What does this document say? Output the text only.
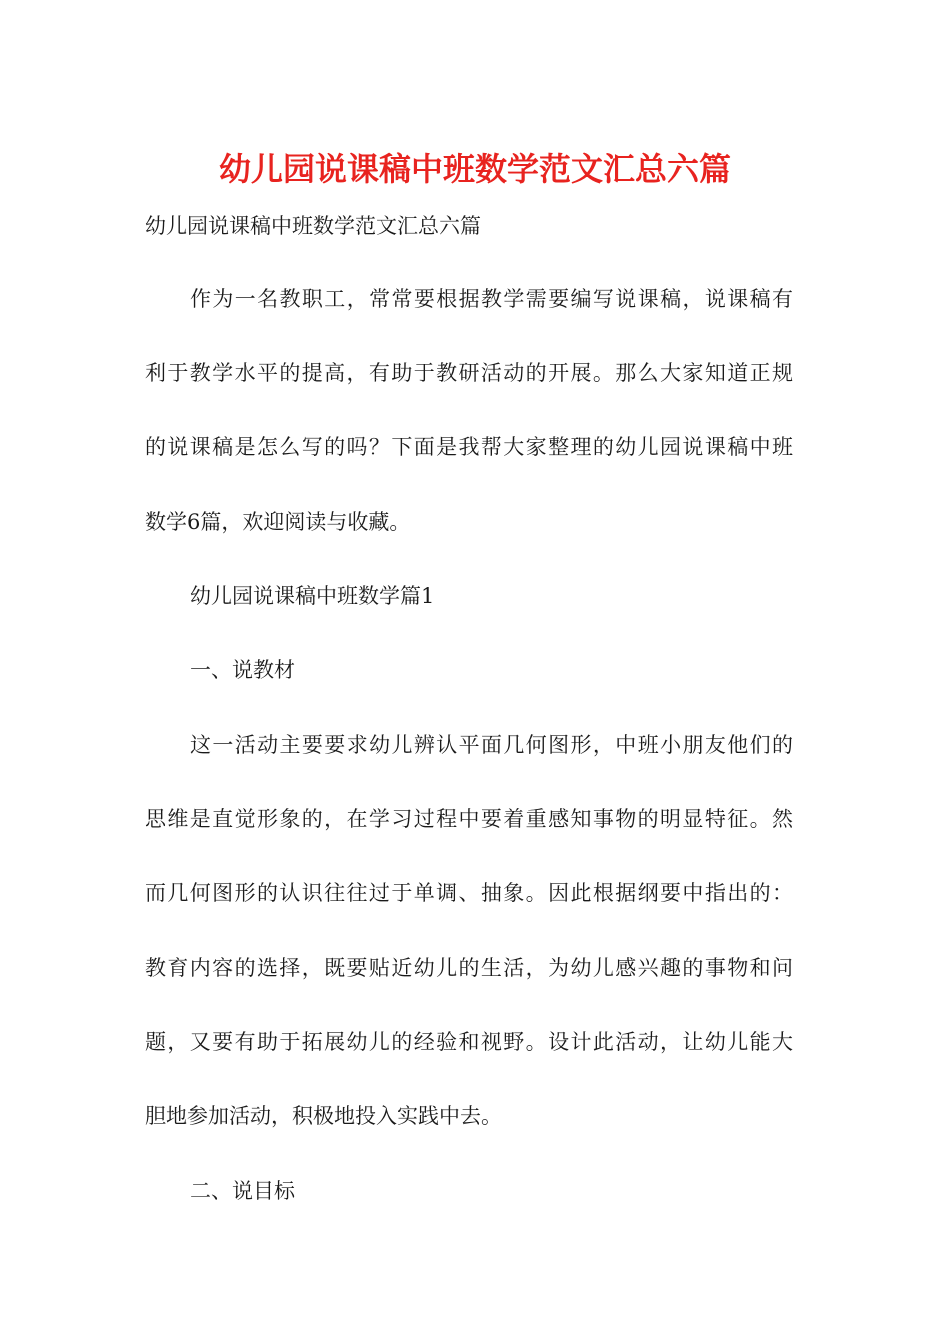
幼儿园说课稿中班数学范文汇总六篇
幼儿园说课稿中班数学范文汇总六篇
作为一名教职工，常常要根据教学需要编写说课稿，说课稿有
利于教学水平的提高，有助于教研活动的开展。那么大家知道正规
的说课稿是怎么写的吗？下面是我帮大家整理的幼儿园说课稿中班
数学6篇，欢迎阅读与收藏。
幼儿园说课稿中班数学篇1
一、说教材
这一活动主要要求幼儿辨认平面几何图形，中班小朋友他们的
思维是直觉形象的，在学习过程中要着重感知事物的明显特征。然
而几何图形的认识往往过于单调、抽象。因此根据纲要中指出的：
教育内容的选择，既要贴近幼儿的生活，为幼儿感兴趣的事物和问
题，又要有助于拓展幼儿的经验和视野。设计此活动，让幼儿能大
胆地参加活动，积极地投入实践中去。
二、说目标
